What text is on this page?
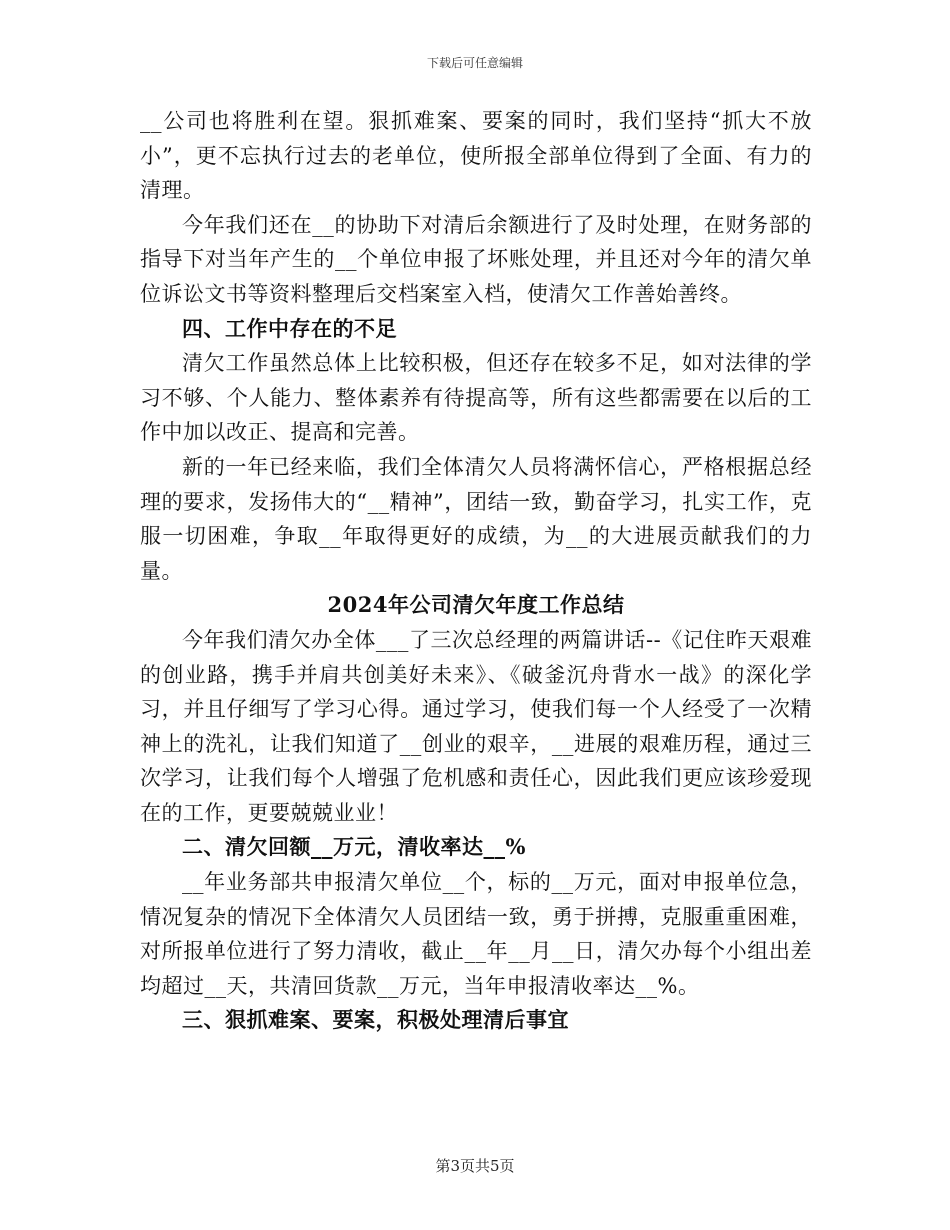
下载后可任意编辑

__公司也将胜利在望。狠抓难案、要案的同时，我们坚持“抓大不放小”，更不忘执行过去的老单位，使所报全部单位得到了全面、有力的清理。

今年我们还在__的协助下对清后余额进行了及时处理，在财务部的指导下对当年产生的__个单位申报了坏账处理，并且还对今年的清欠单位诉讼文书等资料整理后交档案室入档，使清欠工作善始善终。

四、工作中存在的不足

清欠工作虽然总体上比较积极，但还存在较多不足，如对法律的学习不够、个人能力、整体素养有待提高等，所有这些都需要在以后的工作中加以改正、提高和完善。

新的一年已经来临，我们全体清欠人员将满怀信心，严格根据总经理的要求，发扬伟大的“__精神”，团结一致，勤奋学习，扎实工作，克服一切困难，争取__年取得更好的成绩，为__的大进展贡献我们的力量。

2024年公司清欠年度工作总结

今年我们清欠办全体___了三次总经理的两篇讲话--《记住昨天艰难的创业路，携手并肩共创美好未来》、《破釜沉舟背水一战》的深化学习，并且仔细写了学习心得。通过学习，使我们每一个人经受了一次精神上的洗礼，让我们知道了__创业的艰辛，__进展的艰难历程，通过三次学习，让我们每个人增强了危机感和责任心，因此我们更应该珍爱现在的工作，更要兢兢业业！

二、清欠回额__万元，清收率达__%

__年业务部共申报清欠单位__个，标的__万元，面对申报单位急，情况复杂的情况下全体清欠人员团结一致，勇于拼搏，克服重重困难，对所报单位进行了努力清收，截止__年__月__日，清欠办每个小组出差均超过__天，共清回货款__万元，当年申报清收率达__%。

三、狠抓难案、要案，积极处理清后事宜

第3页共5页
